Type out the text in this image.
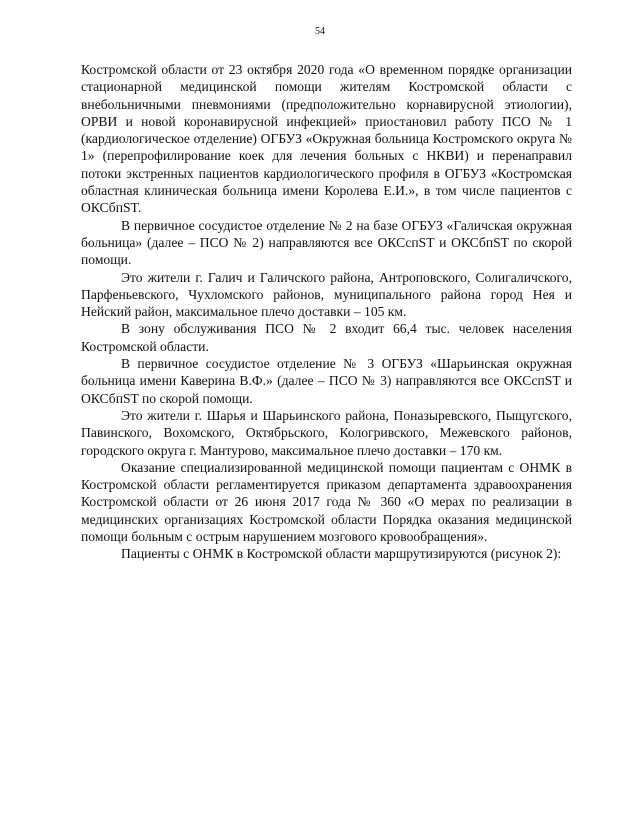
54

Костромской области от 23 октября 2020 года «О временном порядке организации стационарной медицинской помощи жителям Костромской области с внебольничными пневмониями (предположительно корнавирусной этиологии), ОРВИ и новой коронавирусной инфекцией» приостановил работу ПСО № 1 (кардиологическое отделение) ОГБУЗ «Окружная больница Костромского округа № 1» (перепрофилирование коек для лечения больных с НКВИ) и перенаправил потоки экстренных пациентов кардиологического профиля в ОГБУЗ «Костромская областная клиническая больница имени Королева Е.И.», в том числе пациентов с ОКСбпST.

В первичное сосудистое отделение № 2 на базе ОГБУЗ «Галичская окружная больница» (далее – ПСО № 2) направляются все ОКСспST и ОКСбпST по скорой помощи.

Это жители г. Галич и Галичского района, Антроповского, Солигаличского, Парфеньевского, Чухломского районов, муниципального района город Нея и Нейский район, максимальное плечо доставки – 105 км.

В зону обслуживания ПСО № 2 входит 66,4 тыс. человек населения Костромской области.

В первичное сосудистое отделение № 3 ОГБУЗ «Шарьинская окружная больница имени Каверина В.Ф.» (далее – ПСО № 3) направляются все ОКСспST и ОКСбпST по скорой помощи.

Это жители г. Шарья и Шарьинского района, Поназыревского, Пыщугского, Павинского, Вохомского, Октябрьского, Кологривского, Межевского районов, городского округа г. Мантурово, максимальное плечо доставки – 170 км.

Оказание специализированной медицинской помощи пациентам с ОНМК в Костромской области регламентируется приказом департамента здравоохранения Костромской области от 26 июня 2017 года № 360 «О мерах по реализации в медицинских организациях Костромской области Порядка оказания медицинской помощи больным с острым нарушением мозгового кровообращения».

Пациенты с ОНМК в Костромской области маршрутизируются (рисунок 2):
